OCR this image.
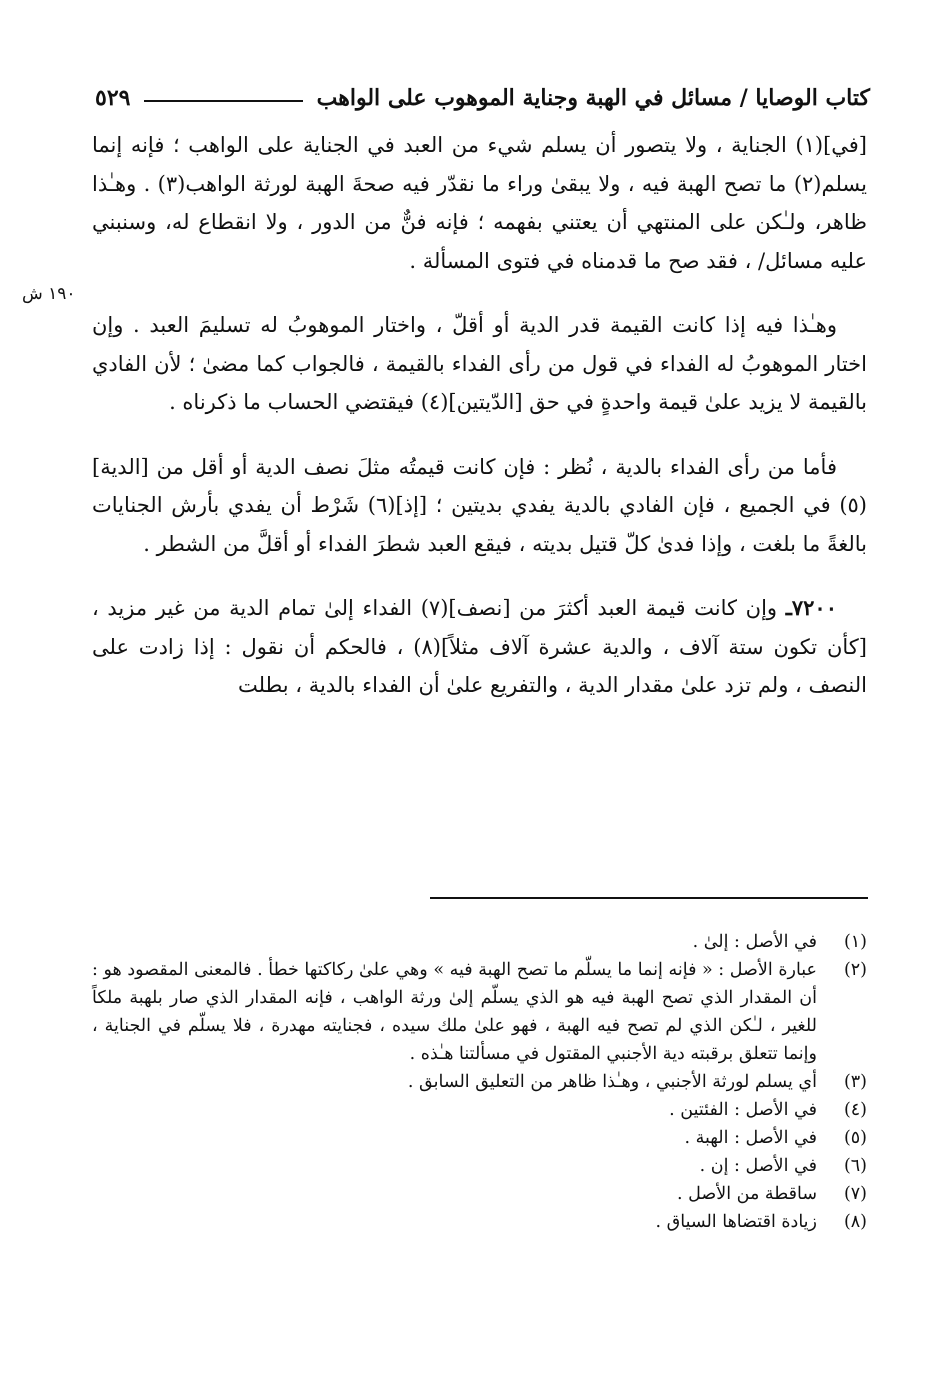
كتاب الوصايا / مسائل في الهبة وجناية الموهوب على الواهب
٥٢٩
١٩٠ ش

[في](١) الجناية ، ولا يتصور أن يسلم شيء من العبد في الجناية على الواهب ؛ فإنه إنما يسلم(٢) ما تصح الهبة فيه ، ولا يبقىٰ وراء ما نقدّر فيه صحةَ الهبة لورثة الواهب(٣) . وهـٰذا ظاهر، ولـٰكن على المنتهي أن يعتني بفهمه ؛ فإنه فنٌّ من الدور ، ولا انقطاع له، وسنبني عليه مسائل/ ، فقد صح ما قدمناه في فتوى المسألة .

وهـٰذا فيه إذا كانت القيمة قدر الدية أو أقلّ ، واختار الموهوبُ له تسليمَ العبد . وإن اختار الموهوبُ له الفداء في قول من رأى الفداء بالقيمة ، فالجواب كما مضىٰ ؛ لأن الفادي بالقيمة لا يزيد علىٰ قيمة واحدةٍ في حق [الدّيتين](٤) فيقتضي الحساب ما ذكرناه .

فأما من رأى الفداء بالدية ، نُظر : فإن كانت قيمتُه مثلَ نصف الدية أو أقل من [الدية](٥) في الجميع ، فإن الفادي بالدية يفدي بديتين ؛ [إذ](٦) شَرْط أن يفدي بأرش الجنايات بالغةً ما بلغت ، وإذا فدىٰ كلّ قتيل بديته ، فيقع العبد شطرَ الفداء أو أقلَّ من الشطر .

٧٢٠٠ـ وإن كانت قيمة العبد أكثرَ من [نصف](٧) الفداء إلىٰ تمام الدية من غير مزيد ، [كأن تكون ستة آلاف ، والدية عشرة آلاف مثلاً](٨) ، فالحكم أن نقول : إذا زادت على النصف ، ولم تزد علىٰ مقدار الدية ، والتفريع علىٰ أن الفداء بالدية ، بطلت

(١)
في الأصل : إلىٰ .
(٢)
عبارة الأصل : « فإنه إنما ما يسلّم ما تصح الهبة فيه » وهي علىٰ ركاكتها خطأ . فالمعنى المقصود هو : أن المقدار الذي تصح الهبة فيه هو الذي يسلّم إلىٰ ورثة الواهب ، فإنه المقدار الذي صار بلهبة ملكاً للغير ، لـٰكن الذي لم تصح فيه الهبة ، فهو علىٰ ملك سيده ، فجنايته مهدرة ، فلا يسلّم في الجناية ، وإنما تتعلق برقبته دية الأجنبي المقتول في مسألتنا هـٰذه .
(٣)
أي يسلم لورثة الأجنبي ، وهـٰذا ظاهر من التعليق السابق .
(٤)
في الأصل : الفئتين .
(٥)
في الأصل : الهبة .
(٦)
في الأصل : إن .
(٧)
ساقطة من الأصل .
(٨)
زيادة اقتضاها السياق .
